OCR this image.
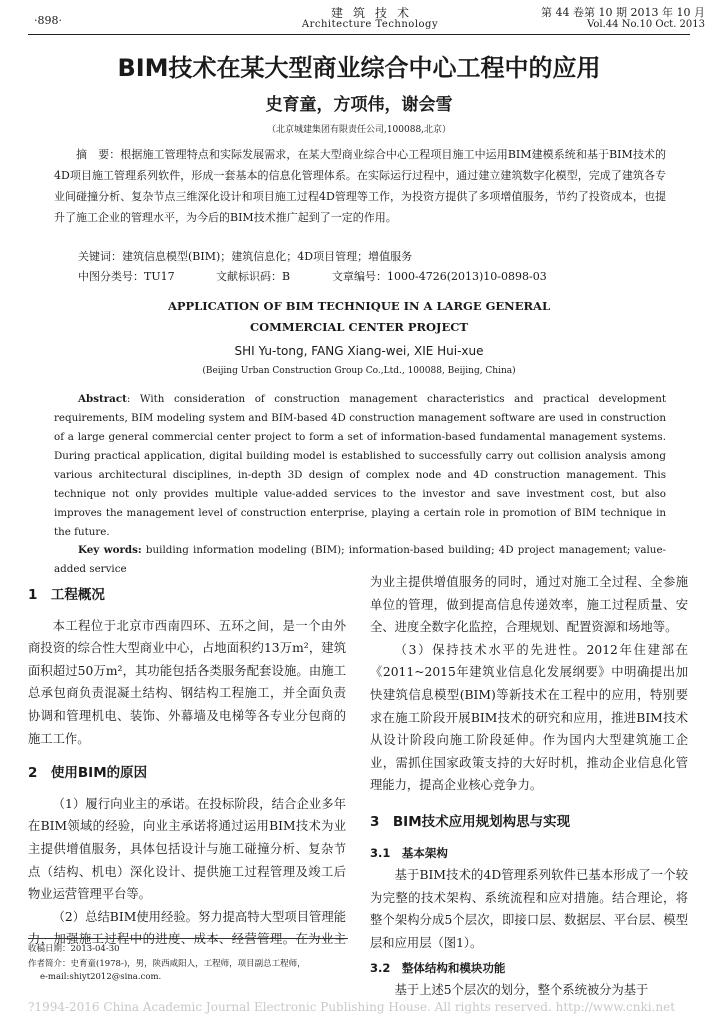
·898·
建筑技术
Architecture Technology
第 44 卷第 10 期 2013 年 10 月
Vol.44 No.10 Oct. 2013
BIM技术在某大型商业综合中心工程中的应用
史育童，方项伟，谢会雪
（北京城建集团有限责任公司,100088,北京）
摘　要：根据施工管理特点和实际发展需求，在某大型商业综合中心工程项目施工中运用BIM建模系统和基于BIM技术的4D项目施工管理系列软件，形成一套基本的信息化管理体系。在实际运行过程中，通过建立建筑数字化模型，完成了建筑各专业间碰撞分析、复杂节点三维深化设计和项目施工过程4D管理等工作，为投资方提供了多项增值服务，节约了投资成本，也提升了施工企业的管理水平，为今后的BIM技术推广起到了一定的作用。
关键词：建筑信息模型(BIM)；建筑信息化；4D项目管理；增值服务
中图分类号：TU17	文献标识码：B	文章编号：1000-4726(2013)10-0898-03
APPLICATION OF BIM TECHNIQUE IN A LARGE GENERAL COMMERCIAL CENTER PROJECT
SHI Yu-tong, FANG Xiang-wei, XIE Hui-xue
(Beijing Urban Construction Group Co.,Ltd., 100088, Beijing, China)
Abstract: With consideration of construction management characteristics and practical development requirements, BIM modeling system and BIM-based 4D construction management software are used in construction of a large general commercial center project to form a set of information-based fundamental management systems. During practical application, digital building model is established to successfully carry out collision analysis among various architectural disciplines, in-depth 3D design of complex node and 4D construction management. This technique not only provides multiple value-added services to the investor and save investment cost, but also improves the management level of construction enterprise, playing a certain role in promotion of BIM technique in the future.
Key words: building information modeling (BIM); information-based building; 4D project management; value-added service
1　工程概况

本工程位于北京市西南四环、五环之间，是一个由外商投资的综合性大型商业中心，占地面积约13万m²，建筑面积超过50万m²，其功能包括各类服务配套设施。由施工总承包商负责混凝土结构、钢结构工程施工，并全面负责协调和管理机电、装饰、外幕墙及电梯等各专业分包商的施工工作。

2　使用BIM的原因

（1）履行向业主的承诺。在投标阶段，结合企业多年在BIM领域的经验，向业主承诺将通过运用BIM技术为业主提供增值服务，具体包括设计与施工碰撞分析、复杂节点（结构、机电）深化设计、提供施工过程管理及竣工后物业运营管理平台等。

（2）总结BIM使用经验。努力提高特大型项目管理能力，加强施工过程中的进度、成本、经营管理。在为业主

为业主提供增值服务的同时，通过对施工全过程、全参施单位的管理，做到提高信息传递效率，施工过程质量、安全、进度全数字化监控，合理规划、配置资源和场地等。

（3）保持技术水平的先进性。2012年住建部在《2011~2015年建筑业信息化发展纲要》中明确提出加快建筑信息模型(BIM)等新技术在工程中的应用，特别要求在施工阶段开展BIM技术的研究和应用，推进BIM技术从设计阶段向施工阶段延伸。作为国内大型建筑施工企业，需抓住国家政策支持的大好时机，推动企业信息化管理能力，提高企业核心竞争力。

3　BIM技术应用规划构思与实现
3.1　基本架构

基于BIM技术的4D管理系列软件已基本形成了一个较为完整的技术架构、系统流程和应对措施。结合理论，将整个架构分成5个层次，即接口层、数据层、平台层、模型层和应用层（图1）。

3.2　整体结构和模块功能

基于上述5个层次的划分，整个系统被分为基于

收稿日期：2013-04-30
作者简介：史育童(1978-)，男，陕西咸阳人，工程师，项目副总工程师，
e-mail:shiyt2012@sina.com.
?1994-2016 China Academic Journal Electronic Publishing House. All rights reserved. http://www.cnki.net
